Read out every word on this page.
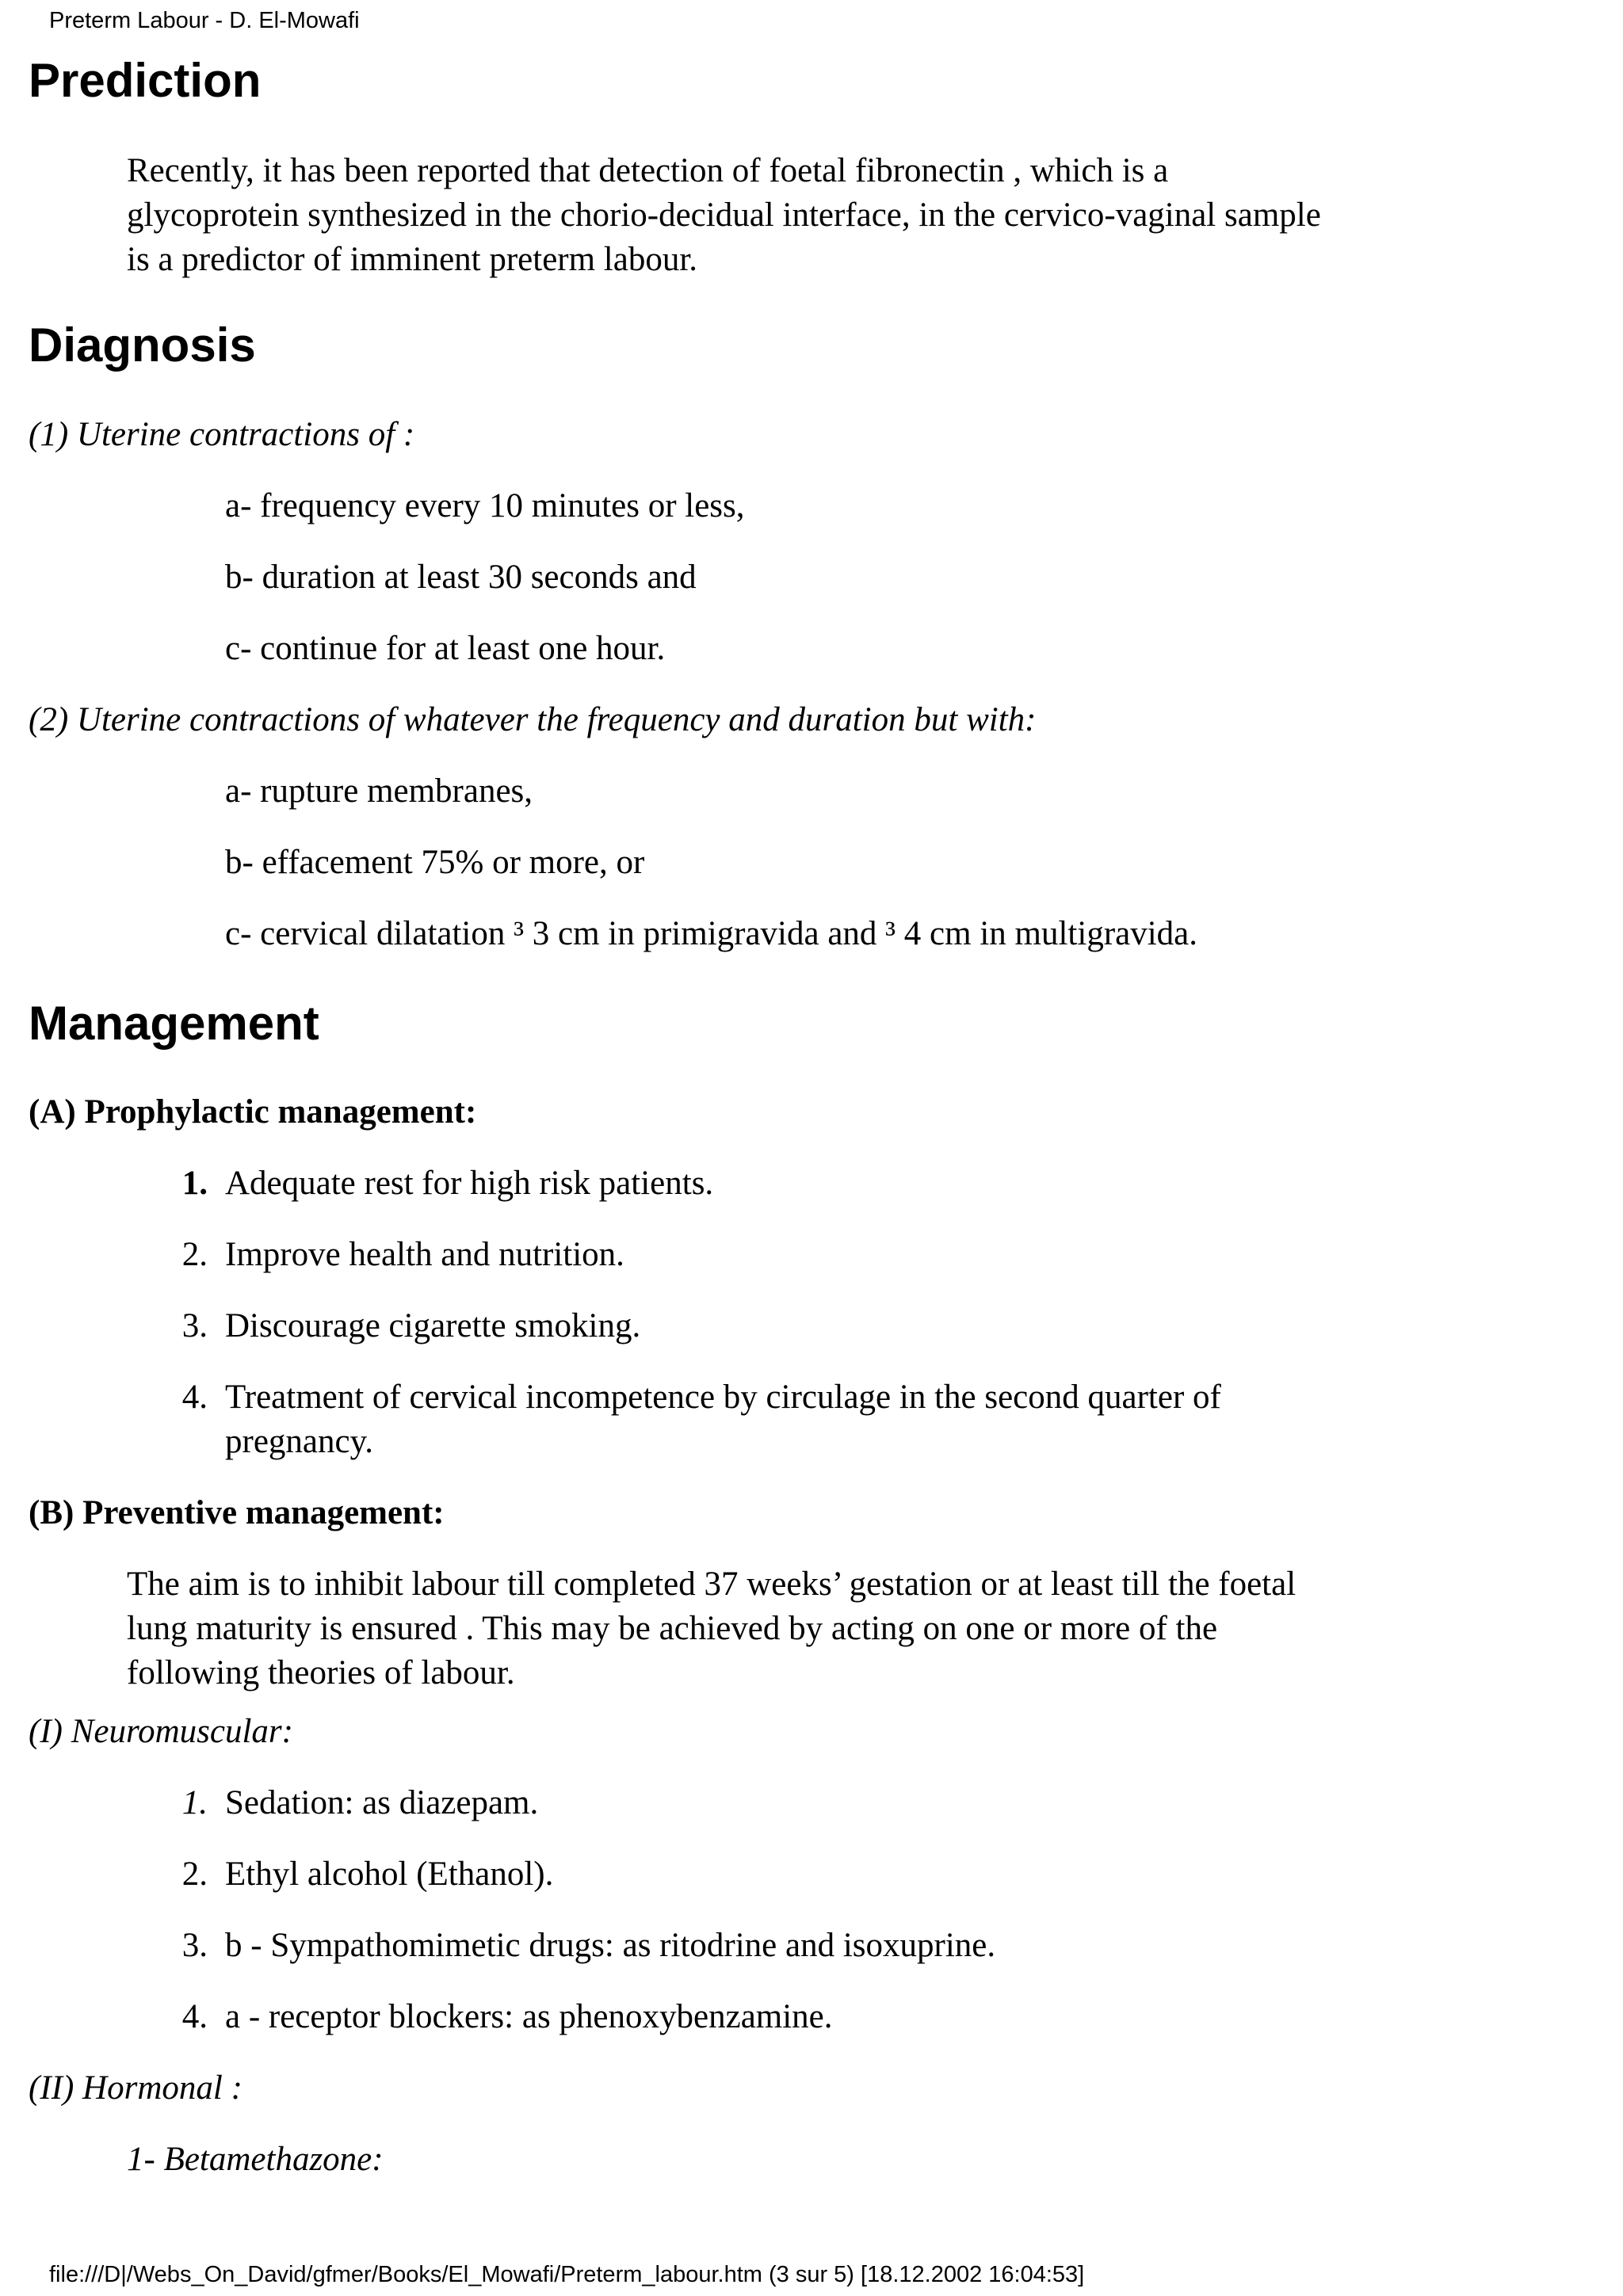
Preterm Labour - D. El-Mowafi
Prediction
Recently, it has been reported that detection of foetal fibronectin , which is a
glycoprotein synthesized in the chorio-decidual interface, in the cervico-vaginal sample
is a predictor of imminent preterm labour.
Diagnosis
(1) Uterine contractions of :
a- frequency every 10 minutes or less,
b- duration at least 30 seconds and
c- continue for at least one hour.
(2) Uterine contractions of whatever the frequency and duration but with:
a- rupture membranes,
b- effacement 75% or more, or
c- cervical dilatation ³ 3 cm in primigravida and ³ 4 cm in multigravida.
Management
(A) Prophylactic management:
1. Adequate rest for high risk patients.
2. Improve health and nutrition.
3. Discourage cigarette smoking.
4. Treatment of cervical incompetence by circulage in the second quarter of pregnancy.
(B) Preventive management:
The aim is to inhibit labour till completed 37 weeks’ gestation or at least till the foetal
lung maturity is ensured . This may be achieved by acting on one or more of the
following theories of labour.
(I) Neuromuscular:
1. Sedation: as diazepam.
2. Ethyl alcohol (Ethanol).
3. b - Sympathomimetic drugs: as ritodrine and isoxuprine.
4. a - receptor blockers: as phenoxybenzamine.
(II) Hormonal :
1- Betamethazone:
file:///D|/Webs_On_David/gfmer/Books/El_Mowafi/Preterm_labour.htm (3 sur 5) [18.12.2002 16:04:53]
